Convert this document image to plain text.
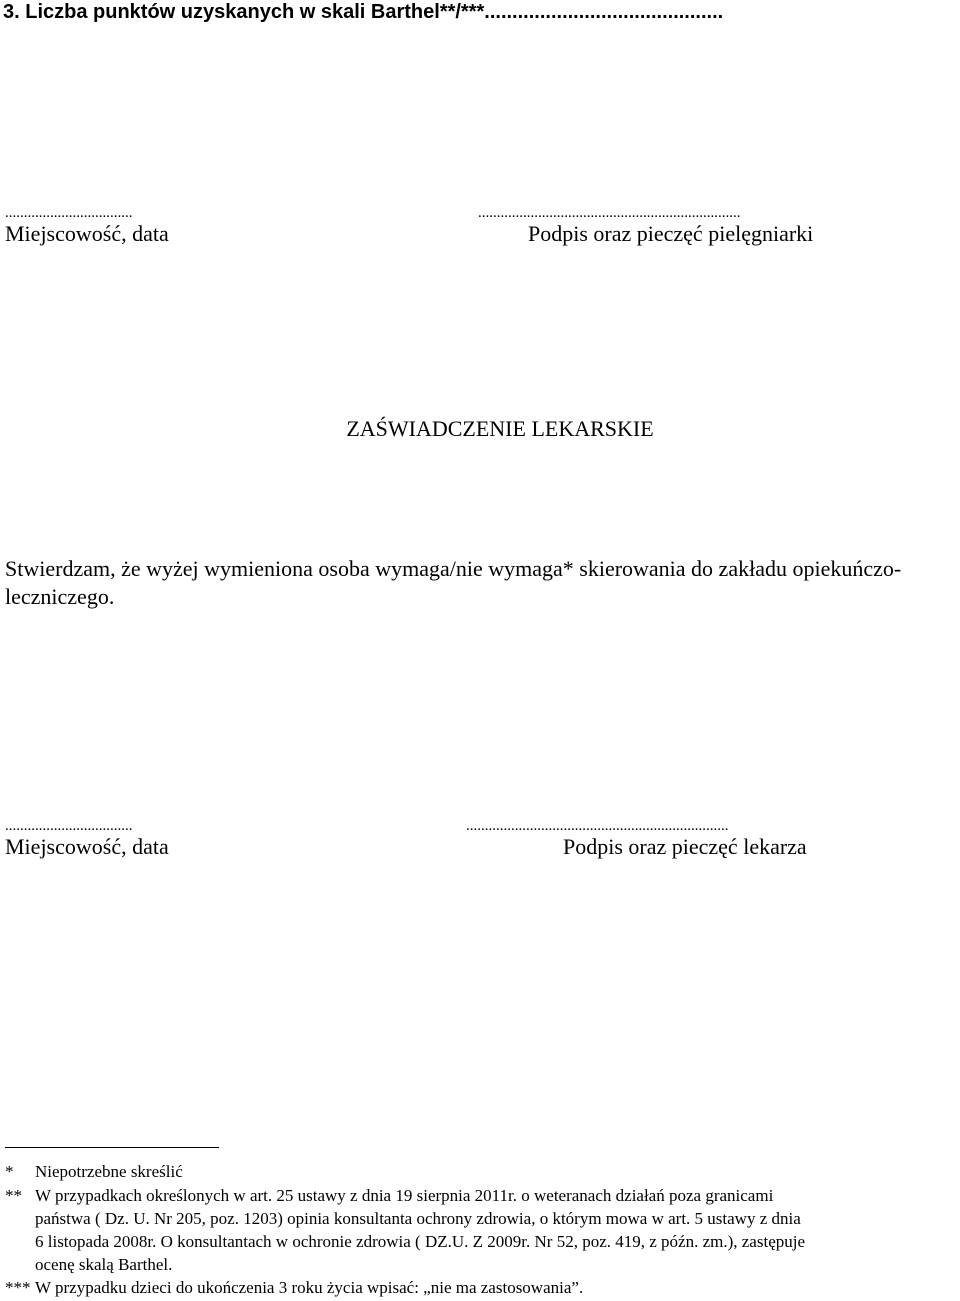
3. Liczba punktów uzyskanych w skali Barthel**/***...........................................
..................................
Miejscowość, data
......................................................................
Podpis oraz pieczęć pielęgniarki
ZAŚWIADCZENIE LEKARSKIE
Stwierdzam, że wyżej wymieniona osoba wymaga/nie wymaga* skierowania do zakładu opiekuńczo-leczniczego.
..................................
Miejscowość, data
......................................................................
Podpis oraz pieczęć lekarza
* Niepotrzebne skreślić
** W przypadkach określonych w art. 25 ustawy z dnia 19 sierpnia 2011r. o weteranach działań poza granicami
państwa ( Dz. U. Nr 205, poz. 1203) opinia konsultanta ochrony zdrowia, o którym mowa w art. 5 ustawy z dnia
6 listopada 2008r. O konsultantach w ochronie zdrowia ( DZ.U. Z 2009r. Nr 52, poz. 419, z późn. zm.), zastępuje
ocenę skalą Barthel.
*** W przypadku dzieci do ukończenia 3 roku życia wpisać: „nie ma zastosowania”.
